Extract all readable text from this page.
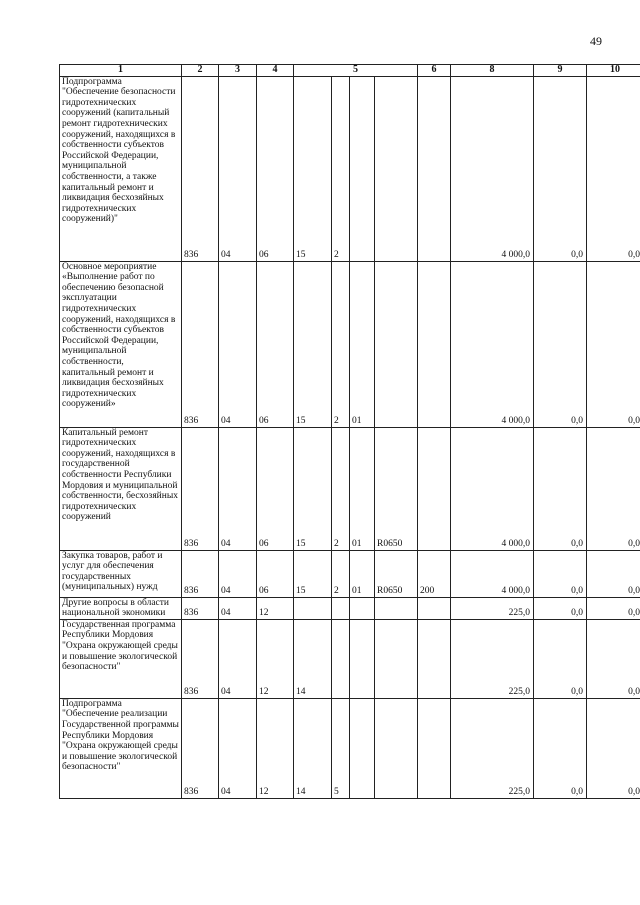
49
1	2	3	4	5				6	8	9	10
Подпрограмма "Обеспечение безопасности гидротехнических сооружений (капитальный ремонт гидротехнических сооружений, находящихся в собственности субъектов Российской Федерации, муниципальной собственности, а также капитальный ремонт и ликвидация бесхозяйных гидротехнических сооружений)"	836	04	06	15	2				4 000,0	0,0	0,0
Основное мероприятие «Выполнение работ по обеспечению безопасной эксплуатации гидротехнических сооружений, находящихся в собственности субъектов Российской Федерации, муниципальной собственности, капитальный ремонт и ликвидация бесхозяйных гидротехнических сооружений»	836	04	06	15	2	01			4 000,0	0,0	0,0
Капитальный ремонт гидротехнических сооружений, находящихся в государственной собственности Республики Мордовия и муниципальной собственности, бесхозяйных гидротехнических сооружений	836	04	06	15	2	01	R0650		4 000,0	0,0	0,0
Закупка товаров, работ и услуг для обеспечения государственных (муниципальных) нужд	836	04	06	15	2	01	R0650	200	4 000,0	0,0	0,0
Другие вопросы в области национальной экономики	836	04	12						225,0	0,0	0,0
Государственная программа Республики Мордовия "Охрана окружающей среды и повышение экологической безопасности"	836	04	12	14					225,0	0,0	0,0
Подпрограмма "Обеспечение реализации Государственной программы Республики Мордовия "Охрана окружающей среды и повышение экологической безопасности"	836	04	12	14	5				225,0	0,0	0,0
